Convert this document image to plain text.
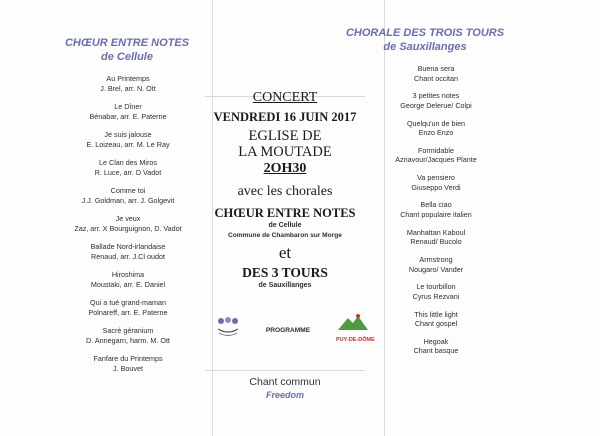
CHŒUR ENTRE NOTES
de Cellule
Au Printemps
J. Brel, arr. N. Ott
Le Dîner
Bénabar, arr. E. Paterne
Je suis jalouse
E. Loizeau, arr. M. Le Ray
Le Clan des Miros
R. Luce, arr. D Vadot
Comme toi
J.J. Goldman, arr. J. Golgevit
Je veux
Zaz, arr. X Bourguignon, D. Vadot
Ballade Nord-irlandaise
Renaud, arr. J.Cl oudot
Hiroshima
Moustaki, arr. E. Daniel
Qui a tué grand-maman
Polnareff, arr. E. Paterne
Sacré géranium
D. Annegarn, harm. M. Ott
Fanfare du Printemps
J. Bouvet
CONCERT
VENDREDI 16 JUIN 2017
EGLISE DE
LA MOUTADE
2OH30
avec les chorales
CHŒUR ENTRE NOTES
de Cellule
Commune de Chambaron sur Morge
et
DES 3 TOURS
de Sauxillanges
PROGRAMME
PUY-DE-DÔME
Chant commun
Freedom
CHORALE DES TROIS TOURS
de Sauxillanges
Buena sera
Chant occitan
3 petites notes
George Delerue/ Colpi
Quelqu'un de bien
Enzo Enzo
Formidable
Aznavour/Jacques Plante
Va pensiero
Giuseppo Verdi
Bella ciao
Chant populaire italien
Manhattan Kaboul
Renaud/ Bucolo
Armstrong
Nougaro/ Vander
Le tourbillon
Cyrus Rezvani
This little light
Chant gospel
Hegoak
Chant basque
